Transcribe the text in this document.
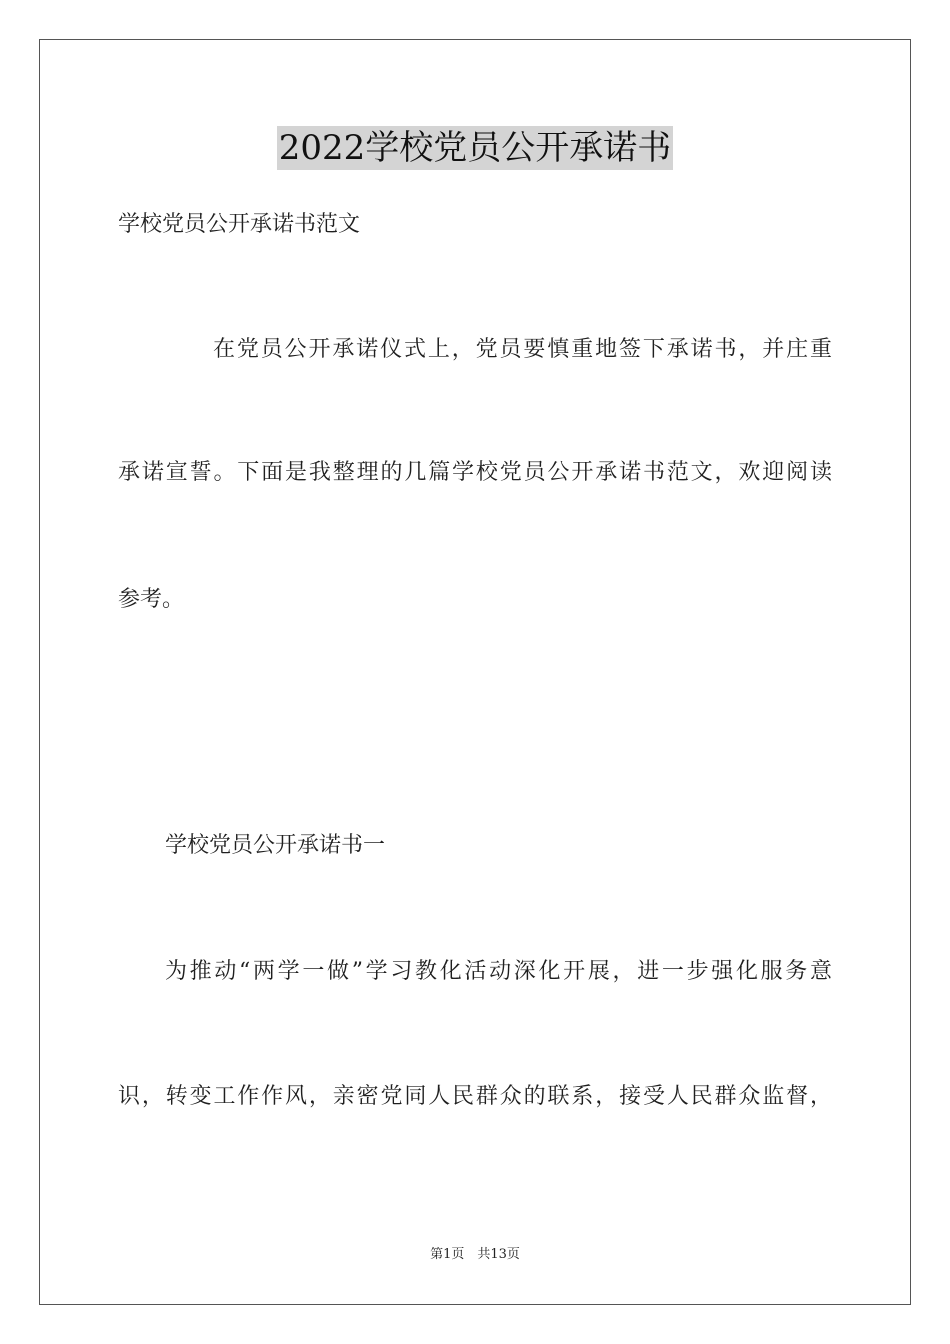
2022学校党员公开承诺书
学校党员公开承诺书范文
在党员公开承诺仪式上，党员要慎重地签下承诺书，并庄重
承诺宣誓。下面是我整理的几篇学校党员公开承诺书范文，欢迎阅读
参考。
学校党员公开承诺书一
为推动“两学一做”学习教化活动深化开展，进一步强化服务意
识，转变工作作风，亲密党同人民群众的联系，接受人民群众监督，
第1页　共13页
